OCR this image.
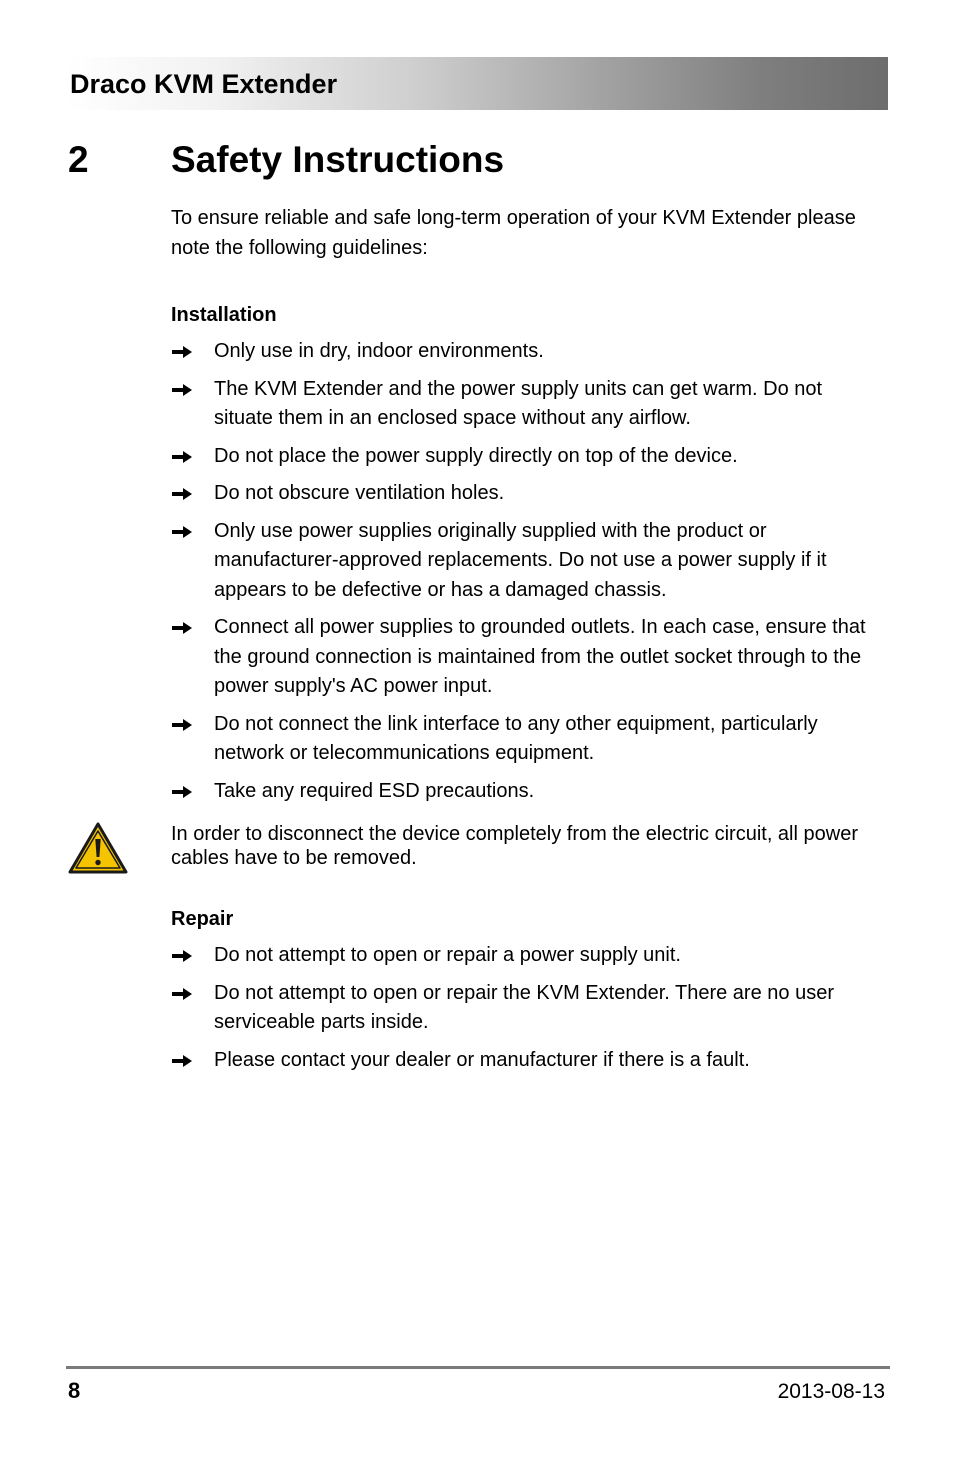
Draco KVM Extender
2 Safety Instructions

To ensure reliable and safe long-term operation of your KVM Extender please note the following guidelines:

Installation
Only use in dry, indoor environments.
The KVM Extender and the power supply units can get warm. Do not situate them in an enclosed space without any airflow.
Do not place the power supply directly on top of the device.
Do not obscure ventilation holes.
Only use power supplies originally supplied with the product or manufacturer-approved replacements. Do not use a power supply if it appears to be defective or has a damaged chassis.
Connect all power supplies to grounded outlets. In each case, ensure that the ground connection is maintained from the outlet socket through to the power supply's AC power input.
Do not connect the link interface to any other equipment, particularly network or telecommunications equipment.
Take any required ESD precautions.

In order to disconnect the device completely from the electric circuit, all power cables have to be removed.

Repair
Do not attempt to open or repair a power supply unit.
Do not attempt to open or repair the KVM Extender. There are no user serviceable parts inside.
Please contact your dealer or manufacturer if there is a fault.
8	2013-08-13
